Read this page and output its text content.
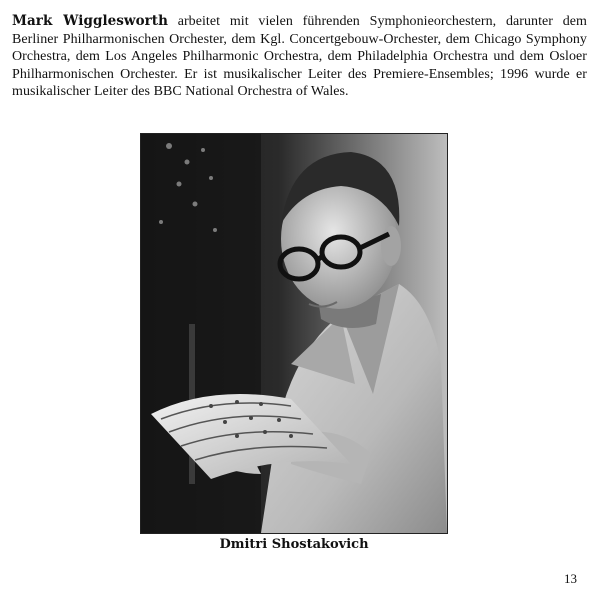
Mark Wigglesworth arbeitet mit vielen führenden Symphonieorchestern, darunter dem Berliner Philharmonischen Orchester, dem Kgl. Concertgebouw-Orchester, dem Chicago Symphony Orchestra, dem Los Angeles Philharmonic Orchestra, dem Philadelphia Orchestra und dem Osloer Philharmonischen Orchester. Er ist musikalischer Leiter des Premiere-Ensembles; 1996 wurde er musikalischer Leiter des BBC National Orchestra of Wales.

Dmitri Shostakovich

13
